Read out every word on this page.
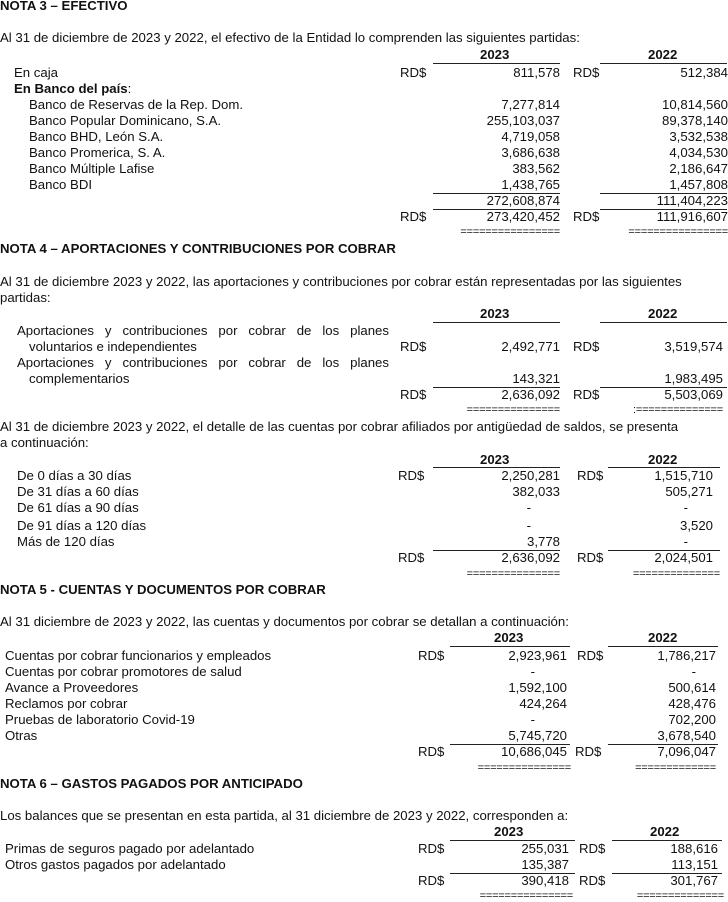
NOTA 3 – EFECTIVO
Al 31 de diciembre de 2023 y 2022, el efectivo de la Entidad lo comprenden las siguientes partidas:
2023	2022
En caja	RD$	811,578 RD$	512,384
En Banco del país:
Banco de Reservas de la Rep. Dom.	7,277,814	10,814,560
Banco Popular Dominicano, S.A.	255,103,037	89,378,140
Banco BHD, León S.A.	4,719,058	3,532,538
Banco Promerica, S. A.	3,686,638	4,034,530
Banco Múltiple Lafise	383,562	2,186,647
Banco BDI	1,438,765	1,457,808
272,608,874	111,404,223
RD$	273,420,452 RD$	111,916,607
================	================
NOTA 4 – APORTACIONES Y CONTRIBUCIONES POR COBRAR
Al 31 de diciembre 2023 y 2022, las aportaciones y contribuciones por cobrar están representadas por las siguientes
partidas:
2023	2022
Aportaciones y contribuciones por cobrar de los planes
voluntarios e independientes	RD$	2,492,771 RD$	3,519,574
Aportaciones y contribuciones por cobrar de los planes
complementarios	143,321	1,983,495
RD$	2,636,092 RD$	5,503,069
===============	:==============
Al 31 de diciembre 2023 y 2022, el detalle de las cuentas por cobrar afiliados por antigüedad de saldos, se presenta
a continuación:
2023	2022
De 0 días a 30 días	RD$	2,250,281 RD$	1,515,710
De 31 días a 60 días	382,033	505,271
De 61 días a 90 días	-	-
De 91 días a 120 días	-	3,520
Más de 120 días	3,778	-
RD$	2,636,092 RD$	2,024,501
===============	==============
NOTA 5 - CUENTAS Y DOCUMENTOS POR COBRAR
Al 31 diciembre de 2023 y 2022, las cuentas y documentos por cobrar se detallan a continuación:
2023	2022
Cuentas por cobrar funcionarios y empleados	RD$	2,923,961 RD$	1,786,217
Cuentas por cobrar promotores de salud	-	-
Avance a Proveedores	1,592,100	500,614
Reclamos por cobrar	424,264	428,476
Pruebas de laboratorio Covid-19	-	702,200
Otras	5,745,720	3,678,540
RD$	10,686,045 RD$	7,096,047
===============	=============
NOTA 6 – GASTOS PAGADOS POR ANTICIPADO
Los balances que se presentan en esta partida, al 31 diciembre de 2023 y 2022, corresponden a:
2023	2022
Primas de seguros pagado por adelantado	RD$	255,031 RD$	188,616
Otros gastos pagados por adelantado	135,387	113,151
RD$	390,418 RD$	301,767
===============	==============
